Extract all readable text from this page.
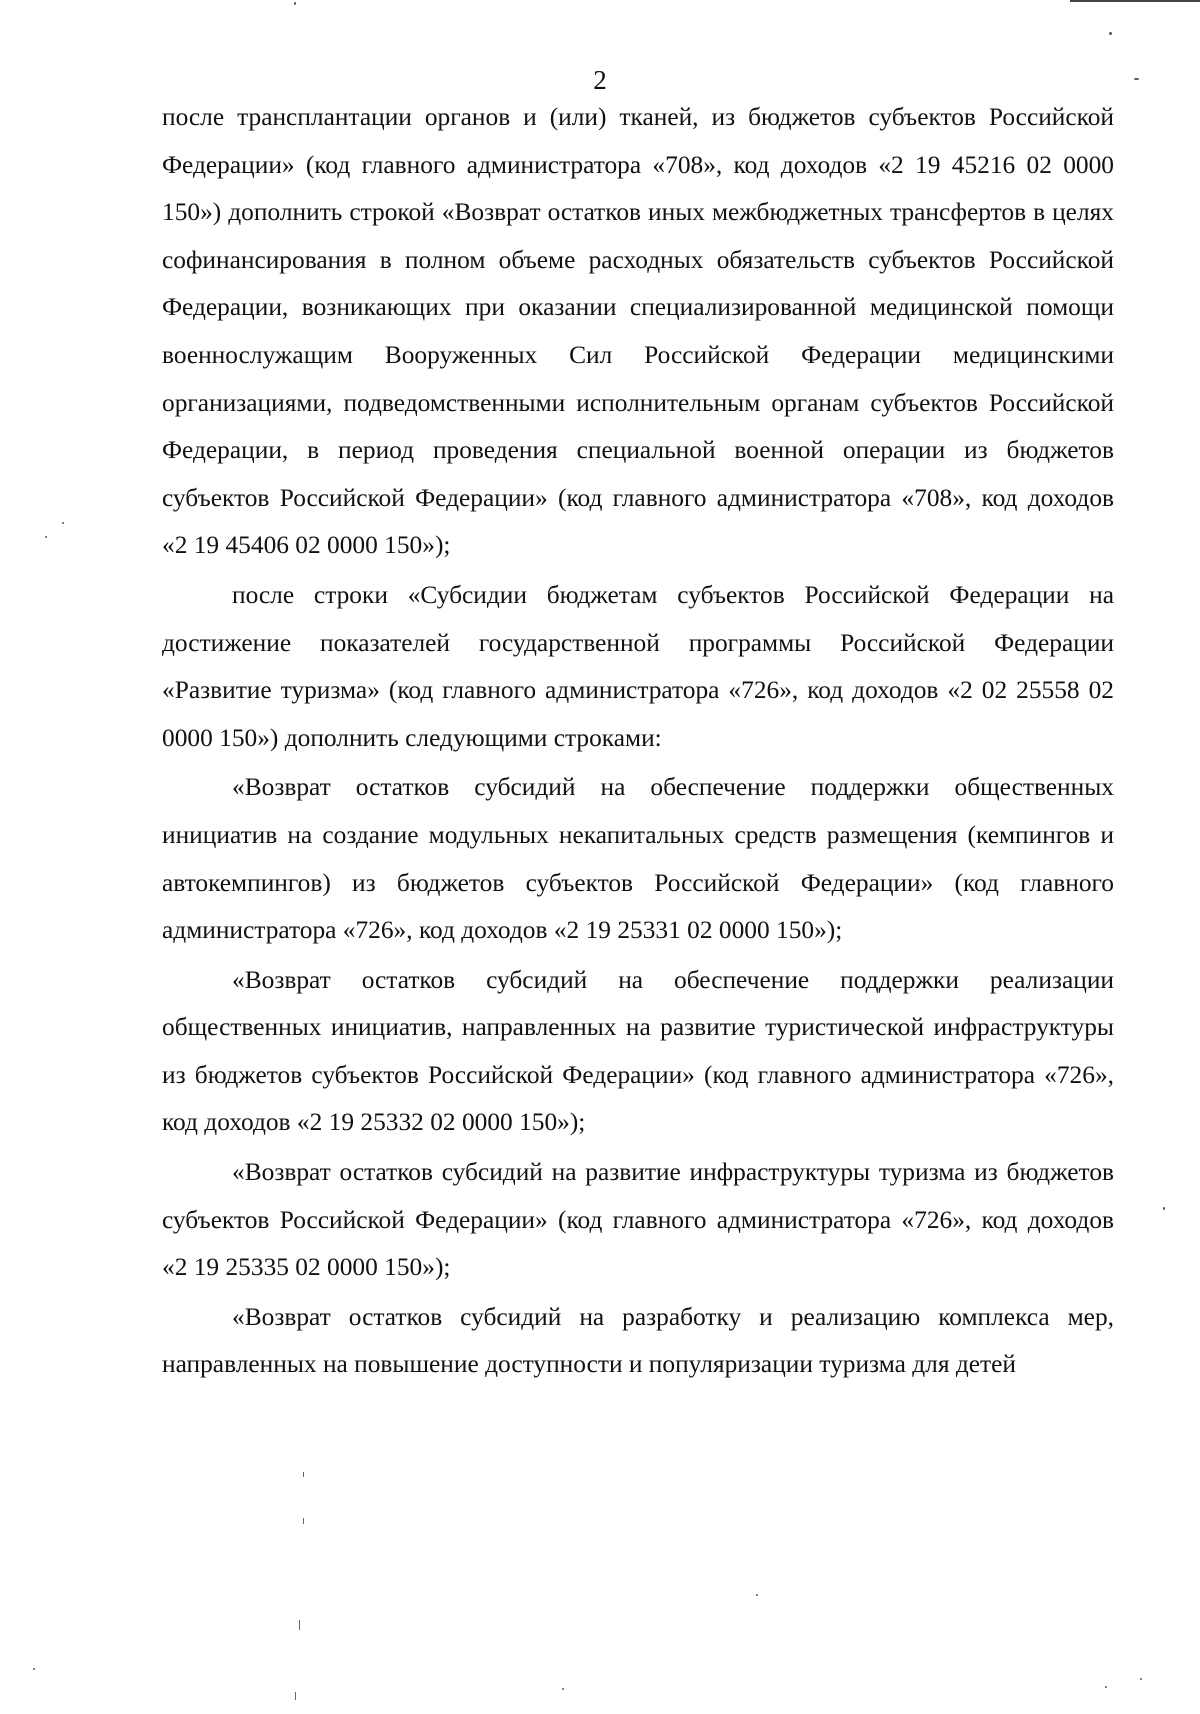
2

после трансплантации органов и (или) тканей, из бюджетов субъектов Российской Федерации» (код главного администратора «708», код доходов «2 19 45216 02 0000 150») дополнить строкой «Возврат остатков иных межбюджетных трансфертов в целях софинансирования в полном объеме расходных обязательств субъектов Российской Федерации, возникающих при оказании специализированной медицинской помощи военнослужащим Вооруженных Сил Российской Федерации медицинскими организациями, подведомственными исполнительным органам субъектов Российской Федерации, в период проведения специальной военной операции из бюджетов субъектов Российской Федерации» (код главного администратора «708», код доходов «2 19 45406 02 0000 150»);

после строки «Субсидии бюджетам субъектов Российской Федерации на достижение показателей государственной программы Российской Федерации «Развитие туризма» (код главного администратора «726», код доходов «2 02 25558 02 0000 150») дополнить следующими строками:

«Возврат остатков субсидий на обеспечение поддержки общественных инициатив на создание модульных некапитальных средств размещения (кемпингов и автокемпингов) из бюджетов субъектов Российской Федерации» (код главного администратора «726», код доходов «2 19 25331 02 0000 150»);

«Возврат остатков субсидий на обеспечение поддержки реализации общественных инициатив, направленных на развитие туристической инфраструктуры из бюджетов субъектов Российской Федерации» (код главного администратора «726», код доходов «2 19 25332 02 0000 150»);

«Возврат остатков субсидий на развитие инфраструктуры туризма из бюджетов субъектов Российской Федерации» (код главного администратора «726», код доходов «2 19 25335 02 0000 150»);

«Возврат остатков субсидий на разработку и реализацию комплекса мер, направленных на повышение доступности и популяризации туризма для детей
